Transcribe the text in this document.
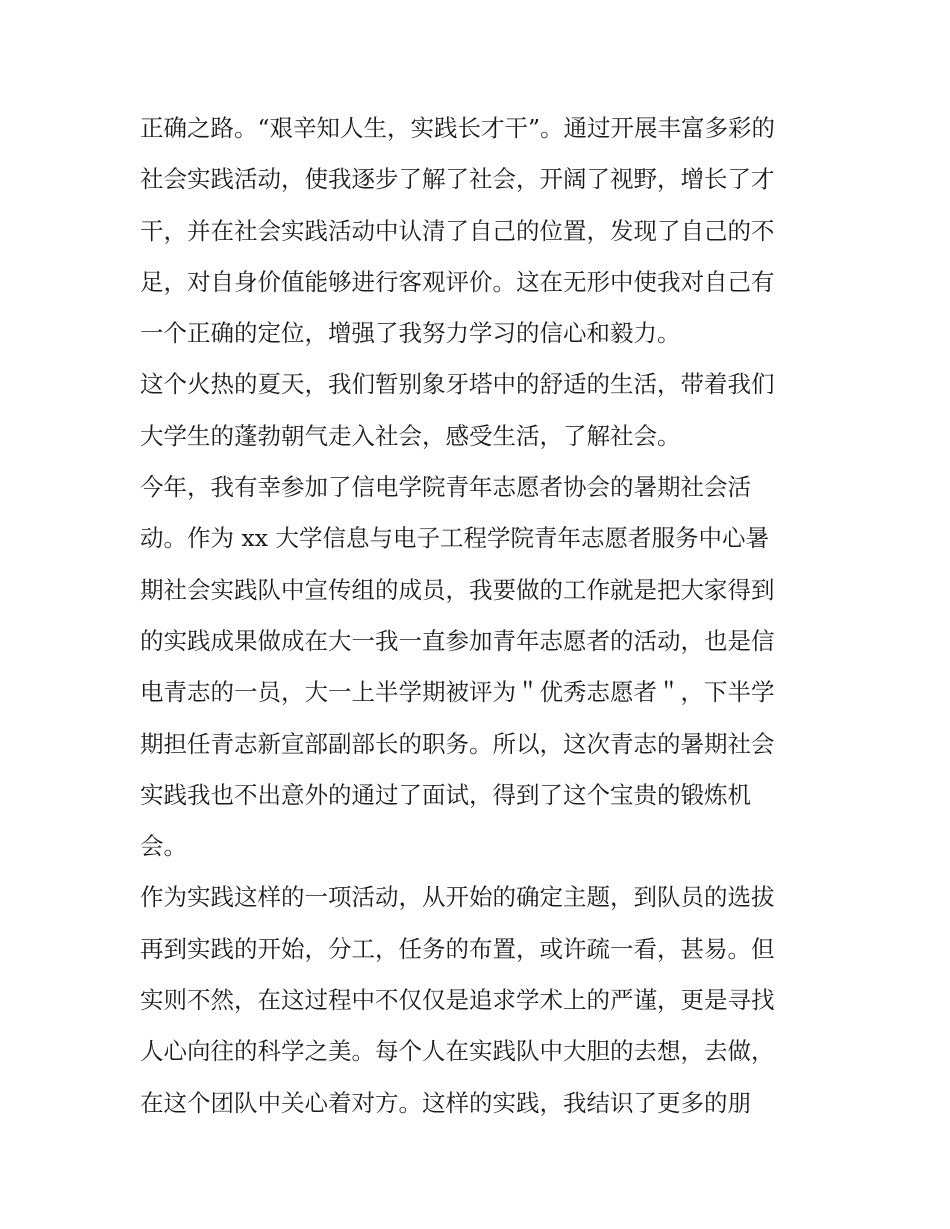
正确之路。“艰辛知人生，实践长才干”。通过开展丰富多彩的
社会实践活动，使我逐步了解了社会，开阔了视野，增长了才
干，并在社会实践活动中认清了自己的位置，发现了自己的不
足，对自身价值能够进行客观评价。这在无形中使我对自己有
一个正确的定位，增强了我努力学习的信心和毅力。
这个火热的夏天，我们暂别象牙塔中的舒适的生活，带着我们
大学生的蓬勃朝气走入社会，感受生活，了解社会。
今年，我有幸参加了信电学院青年志愿者协会的暑期社会活
动。作为 xx 大学信息与电子工程学院青年志愿者服务中心暑
期社会实践队中宣传组的成员，我要做的工作就是把大家得到
的实践成果做成在大一我一直参加青年志愿者的活动，也是信
电青志的一员，大一上半学期被评为＂优秀志愿者＂，下半学
期担任青志新宣部副部长的职务。所以，这次青志的暑期社会
实践我也不出意外的通过了面试，得到了这个宝贵的锻炼机
会。
作为实践这样的一项活动，从开始的确定主题，到队员的选拔
再到实践的开始，分工，任务的布置，或许疏一看，甚易。但
实则不然，在这过程中不仅仅是追求学术上的严谨，更是寻找
人心向往的科学之美。每个人在实践队中大胆的去想，去做，
在这个团队中关心着对方。这样的实践，我结识了更多的朋
